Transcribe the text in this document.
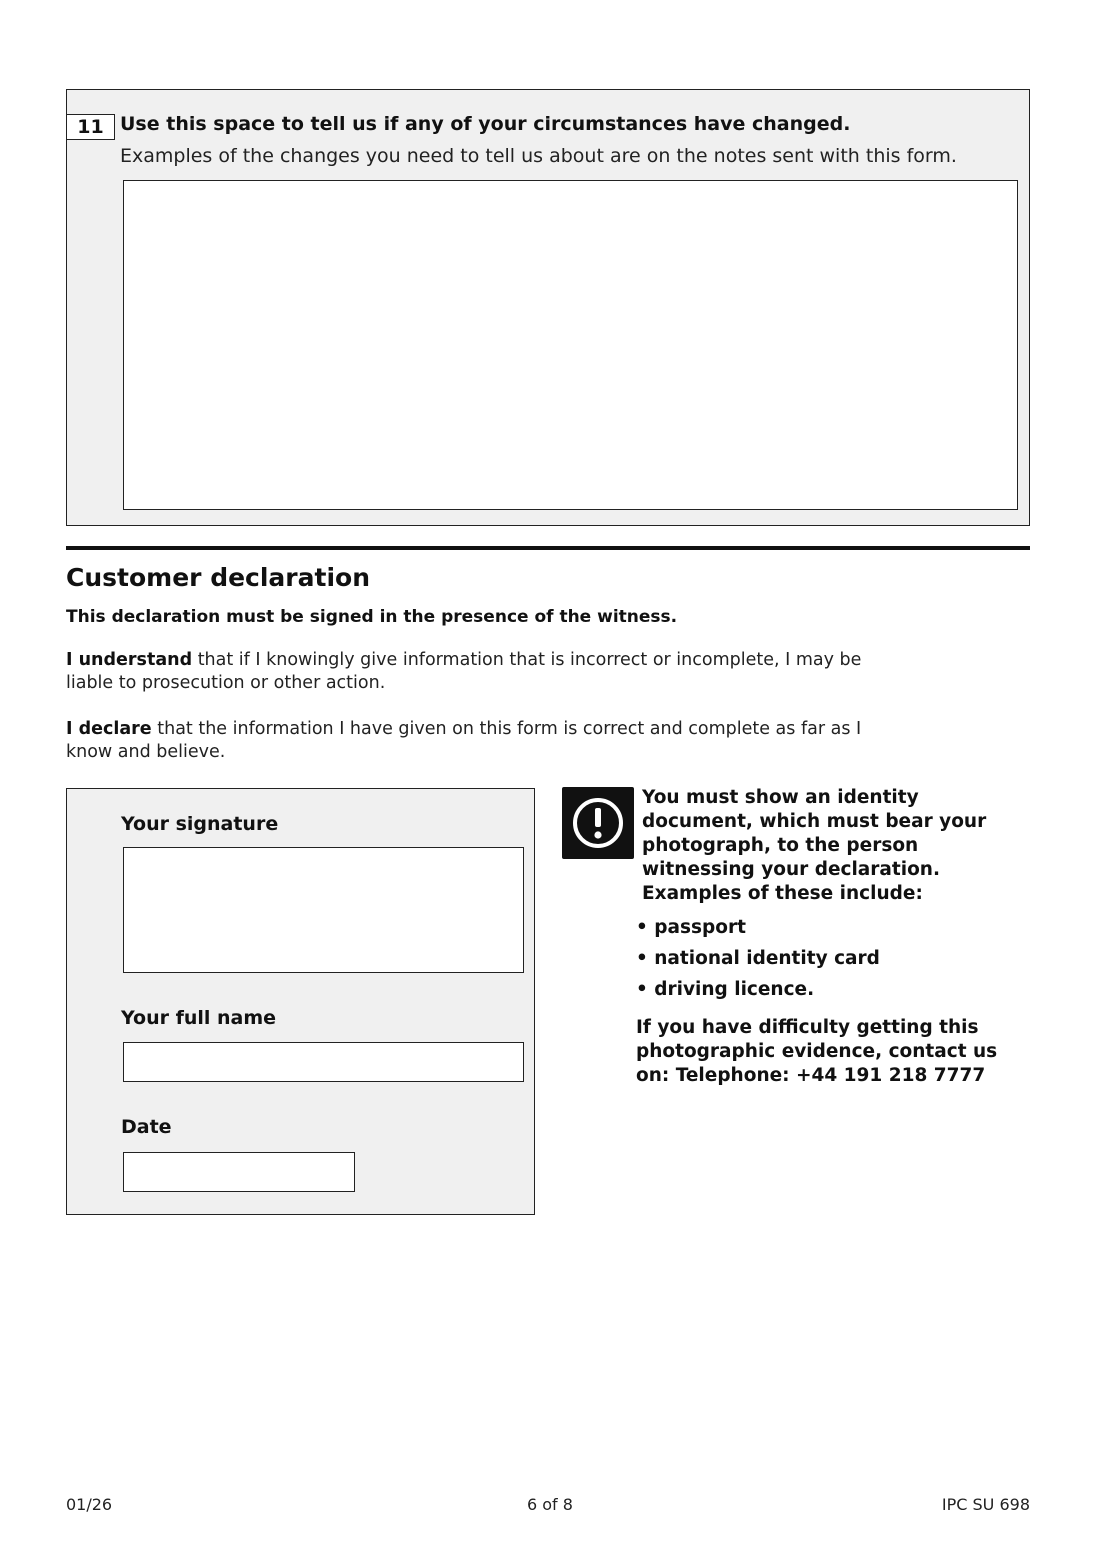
11 Use this space to tell us if any of your circumstances have changed.
Examples of the changes you need to tell us about are on the notes sent with this form.
Customer declaration
This declaration must be signed in the presence of the witness.
I understand that if I knowingly give information that is incorrect or incomplete, I may be liable to prosecution or other action.
I declare that the information I have given on this form is correct and complete as far as I know and believe.
Your signature
Your full name
Date

You must show an identity document, which must bear your photograph, to the person witnessing your declaration. Examples of these include:

• passport
• national identity card
• driving licence.

If you have difficulty getting this photographic evidence, contact us on: Telephone: +44 191 218 7777

01/26	6 of 8	IPC SU 698
